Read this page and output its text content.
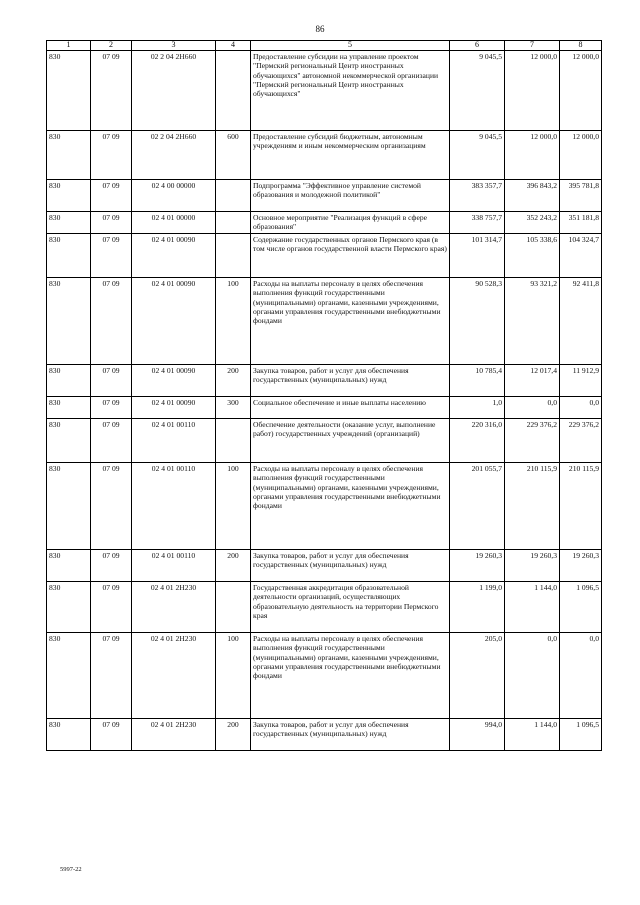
86
1	2	3	4	5	6	7	8
830	07 09	02 2 04 2Н660		Предоставление субсидии на управление проектом "Пермский региональный Центр иностранных обучающихся" автономной некоммерческой организации "Пермский региональный Центр иностранных обучающихся"	9 045,5	12 000,0	12 000,0
830	07 09	02 2 04 2Н660	600	Предоставление субсидий бюджетным, автономным учреждениям и иным некоммерческим организациям	9 045,5	12 000,0	12 000,0
830	07 09	02 4 00 00000		Подпрограмма "Эффективное управление системой образования и молодежной политикой"	383 357,7	396 843,2	395 781,8
830	07 09	02 4 01 00000		Основное мероприятие "Реализация функций в сфере образования"	338 757,7	352 243,2	351 181,8
830	07 09	02 4 01 00090		Содержание государственных органов Пермского края (в том числе органов государственной власти Пермского края)	101 314,7	105 338,6	104 324,7
830	07 09	02 4 01 00090	100	Расходы на выплаты персоналу в целях обеспечения выполнения функций государственными (муниципальными) органами, казенными учреждениями, органами управления государственными внебюджетными фондами	90 528,3	93 321,2	92 411,8
830	07 09	02 4 01 00090	200	Закупка товаров, работ и услуг для обеспечения государственных (муниципальных) нужд	10 785,4	12 017,4	11 912,9
830	07 09	02 4 01 00090	300	Социальное обеспечение и иные выплаты населению	1,0	0,0	0,0
830	07 09	02 4 01 00110		Обеспечение деятельности (оказание услуг, выполнение работ) государственных учреждений (организаций)	220 316,0	229 376,2	229 376,2
830	07 09	02 4 01 00110	100	Расходы на выплаты персоналу в целях обеспечения выполнения функций государственными (муниципальными) органами, казенными учреждениями, органами управления государственными внебюджетными фондами	201 055,7	210 115,9	210 115,9
830	07 09	02 4 01 00110	200	Закупка товаров, работ и услуг для обеспечения государственных (муниципальных) нужд	19 260,3	19 260,3	19 260,3
830	07 09	02 4 01 2Н230		Государственная аккредитация образовательной деятельности организаций, осуществляющих образовательную деятельность на территории Пермского края	1 199,0	1 144,0	1 096,5
830	07 09	02 4 01 2Н230	100	Расходы на выплаты персоналу в целях обеспечения выполнения функций государственными (муниципальными) органами, казенными учреждениями, органами управления государственными внебюджетными фондами	205,0	0,0	0,0
830	07 09	02 4 01 2Н230	200	Закупка товаров, работ и услуг для обеспечения государственных (муниципальных) нужд	994,0	1 144,0	1 096,5
5997-22
